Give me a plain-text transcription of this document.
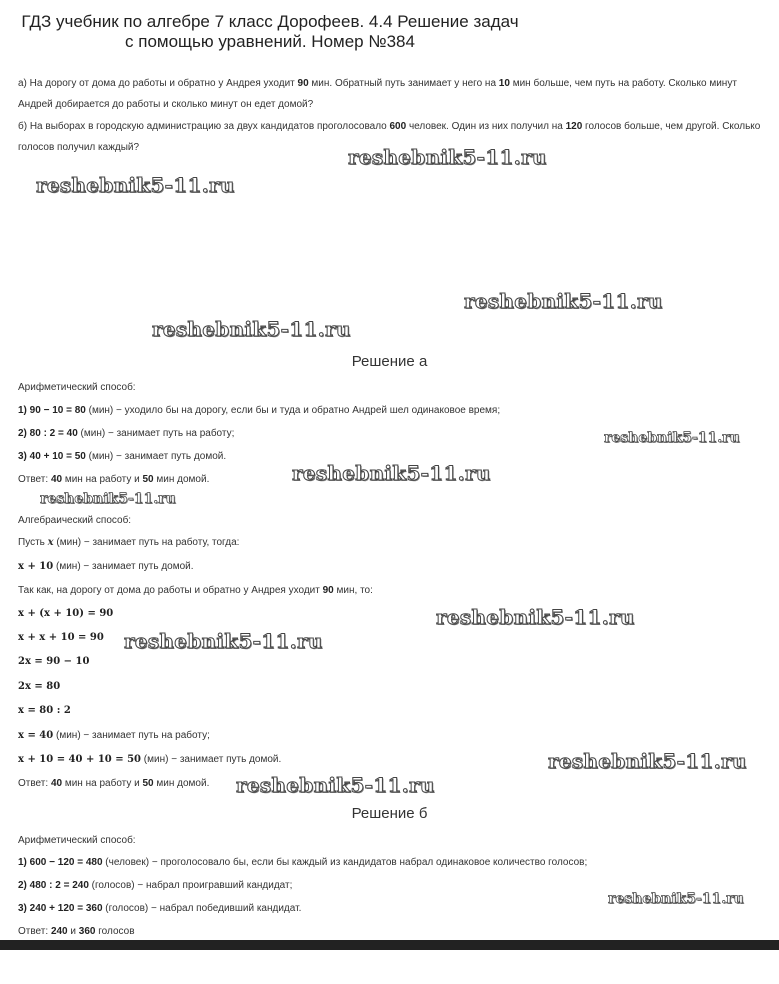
ГДЗ учебник по алгебре 7 класс Дорофеев. 4.4 Решение задач
с помощью уравнений. Номер №384
а) На дорогу от дома до работы и обратно у Андрея уходит 90 мин. Обратный путь занимает у него на 10 мин больше, чем путь на работу. Сколько минут Андрей добирается до работы и сколько минут он едет домой?
б) На выборах в городскую администрацию за двух кандидатов проголосовало 600 человек. Один из них получил на 120 голосов больше, чем другой. Сколько голосов получил каждый?	reshebnik5-11.ru
reshebnik5-11.ru
reshebnik5-11.ru
reshebnik5-11.ru
Решение а
Арифметический способ:
1) 90 − 10 = 80 (мин) − уходило бы на дорогу, если бы и туда и обратно Андрей шел одинаковое время;
2) 80 : 2 = 40 (мин) − занимает путь на работу;	reshebnik5-11.ru
3) 40 + 10 = 50 (мин) − занимает путь домой.
reshebnik5-11.ru
Ответ: 40 мин на работу и 50 мин домой.
reshebnik5-11.ru
Алгебраический способ:
Пусть x (мин) − занимает путь на работу, тогда:
x + 10 (мин) − занимает путь домой.
Так как, на дорогу от дома до работы и обратно у Андрея уходит 90 мин, то:
x + (x + 10) = 90	reshebnik5-11.ru
x + x + 10 = 90	reshebnik5-11.ru
2x = 90 − 10
2x = 80
x = 80 : 2
x = 40 (мин) − занимает путь на работу;
x + 10 = 40 + 10 = 50 (мин) − занимает путь домой.	reshebnik5-11.ru
Ответ: 40 мин на работу и 50 мин домой.	reshebnik5-11.ru
Решение б
Арифметический способ:
1) 600 − 120 = 480 (человек) − проголосовало бы, если бы каждый из кандидатов набрал одинаковое количество голосов;
2) 480 : 2 = 240 (голосов) − набрал проигравший кандидат;
reshebnik5-11.ru
3) 240 + 120 = 360 (голосов) − набрал победивший кандидат.
Ответ: 240 и 360 голосов
